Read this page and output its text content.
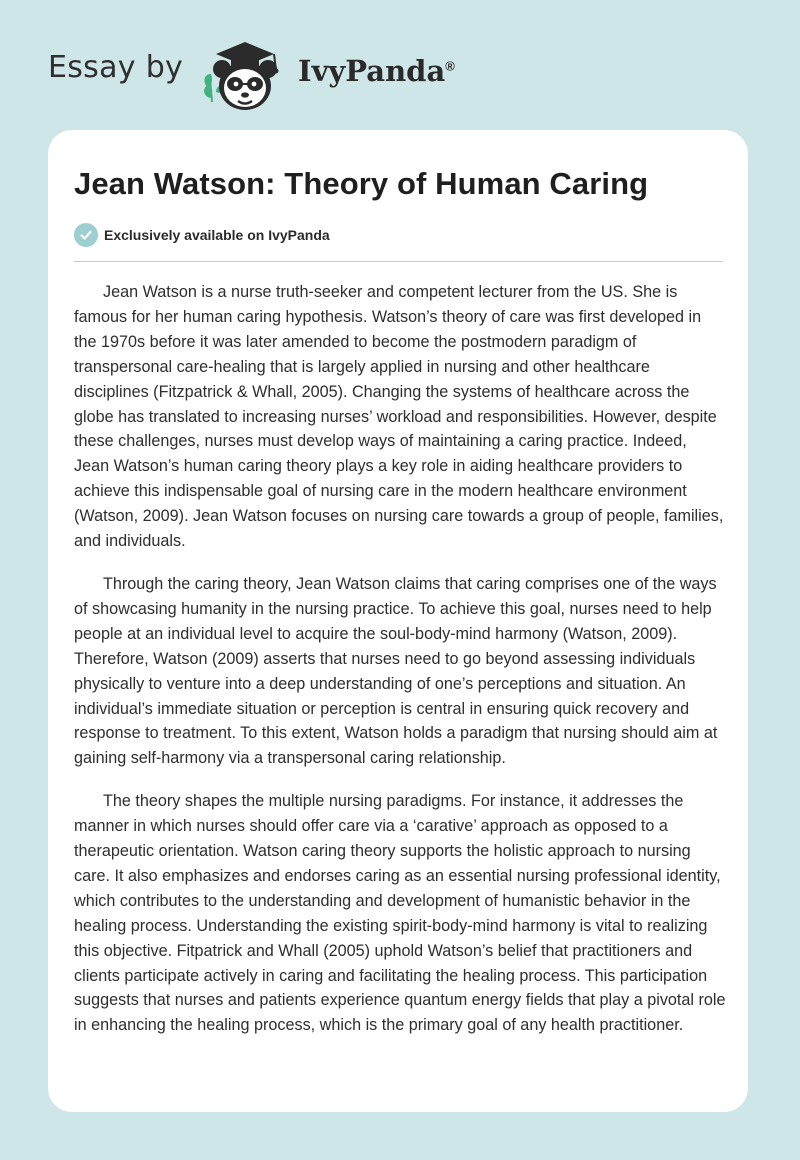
Essay by	IvyPanda®
Jean Watson: Theory of Human Caring
Exclusively available on IvyPanda

Jean Watson is a nurse truth-seeker and competent lecturer from the US. She is famous for her human caring hypothesis. Watson’s theory of care was first developed in the 1970s before it was later amended to become the postmodern paradigm of transpersonal care-healing that is largely applied in nursing and other healthcare disciplines (Fitzpatrick & Whall, 2005). Changing the systems of healthcare across the globe has translated to increasing nurses’ workload and responsibilities. However, despite these challenges, nurses must develop ways of maintaining a caring practice. Indeed, Jean Watson’s human caring theory plays a key role in aiding healthcare providers to achieve this indispensable goal of nursing care in the modern healthcare environment (Watson, 2009). Jean Watson focuses on nursing care towards a group of people, families, and individuals.

Through the caring theory, Jean Watson claims that caring comprises one of the ways of showcasing humanity in the nursing practice. To achieve this goal, nurses need to help people at an individual level to acquire the soul-body-mind harmony (Watson, 2009). Therefore, Watson (2009) asserts that nurses need to go beyond assessing individuals physically to venture into a deep understanding of one’s perceptions and situation. An individual’s immediate situation or perception is central in ensuring quick recovery and response to treatment. To this extent, Watson holds a paradigm that nursing should aim at gaining self-harmony via a transpersonal caring relationship.

The theory shapes the multiple nursing paradigms. For instance, it addresses the manner in which nurses should offer care via a ‘carative’ approach as opposed to a therapeutic orientation. Watson caring theory supports the holistic approach to nursing care. It also emphasizes and endorses caring as an essential nursing professional identity, which contributes to the understanding and development of humanistic behavior in the healing process. Understanding the existing spirit-body-mind harmony is vital to realizing this objective. Fitpatrick and Whall (2005) uphold Watson’s belief that practitioners and clients participate actively in caring and facilitating the healing process. This participation suggests that nurses and patients experience quantum energy fields that play a pivotal role in enhancing the healing process, which is the primary goal of any health practitioner.
